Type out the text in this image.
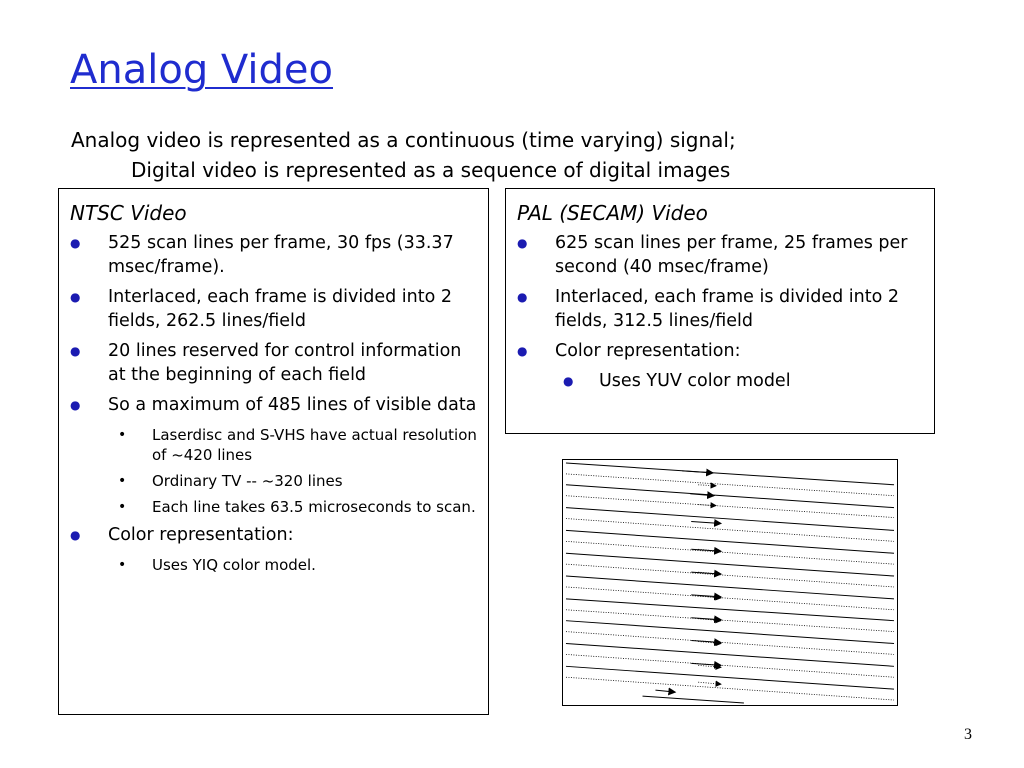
Analog Video
Analog video is represented as a continuous (time varying) signal;
Digital video is represented as a sequence of digital images
NTSC Video
● 525 scan lines per frame, 30 fps (33.37 msec/frame).
● Interlaced, each frame is divided into 2 fields, 262.5 lines/field
● 20 lines reserved for control information at the beginning of each field
● So a maximum of 485 lines of visible data
• Laserdisc and S-VHS have actual resolution of ~420 lines
• Ordinary TV -- ~320 lines
• Each line takes 63.5 microseconds to scan.
● Color representation:
• Uses YIQ color model.
PAL (SECAM) Video
● 625 scan lines per frame, 25 frames per second (40 msec/frame)
● Interlaced, each frame is divided into 2 fields, 312.5 lines/field
● Color representation:
● Uses YUV color model
3
